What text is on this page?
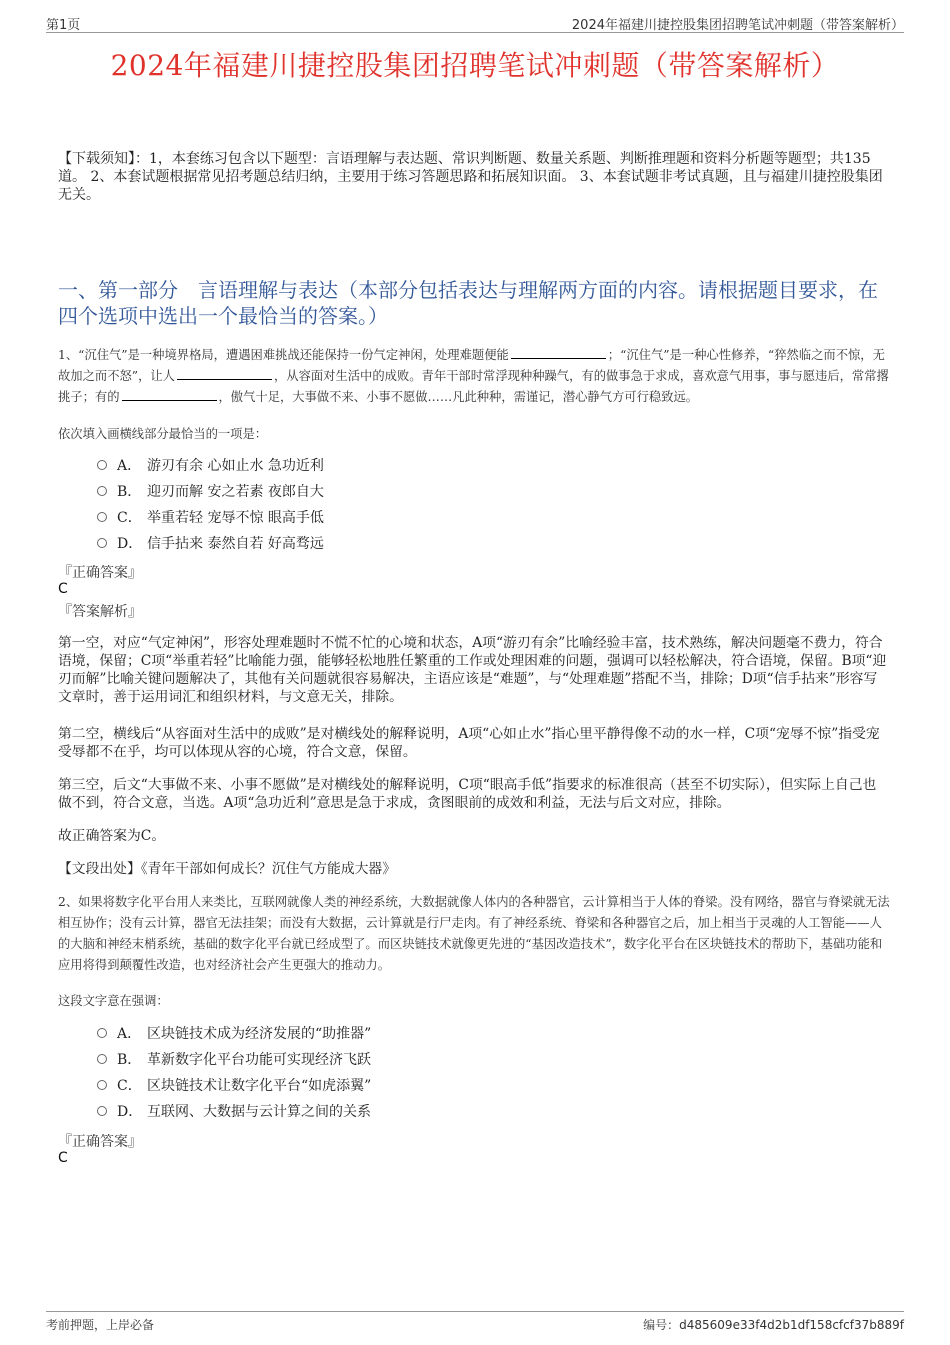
第1页	2024年福建川捷控股集团招聘笔试冲刺题（带答案解析）
2024年福建川捷控股集团招聘笔试冲刺题（带答案解析）
【下载须知】：1，本套练习包含以下题型：言语理解与表达题、常识判断题、数量关系题、判断推理题和资料分析题等题型；共135道。 2、本套试题根据常见招考题总结归纳，主要用于练习答题思路和拓展知识面。 3、本套试题非考试真题，且与福建川捷控股集团无关。
一、第一部分　言语理解与表达（本部分包括表达与理解两方面的内容。请根据题目要求，在四个选项中选出一个最恰当的答案。）
1、“沉住气”是一种境界格局，遭遇困难挑战还能保持一份气定神闲，处理难题便能	；“沉住气”是一种心性修养，“猝然临之而不惊，无故加之而不怒”，让人	，从容面对生活中的成败。青年干部时常浮现种种躁气，有的做事急于求成，喜欢意气用事，事与愿违后，常常撂挑子；有的	，傲气十足，大事做不来、小事不愿做……凡此种种，需谨记，潜心静气方可行稳致远。
依次填入画横线部分最恰当的一项是：
A． 游刃有余 心如止水 急功近利
B． 迎刃而解 安之若素 夜郎自大
C． 举重若轻 宠辱不惊 眼高手低
D． 信手拈来 泰然自若 好高骛远
『正确答案』
C
『答案解析』
第一空，对应“气定神闲”，形容处理难题时不慌不忙的心境和状态，A项“游刃有余”比喻经验丰富，技术熟练，解决问题毫不费力，符合语境，保留；C项“举重若轻”比喻能力强，能够轻松地胜任繁重的工作或处理困难的问题，强调可以轻松解决，符合语境，保留。B项“迎刃而解”比喻关键问题解决了，其他有关问题就很容易解决，主语应该是“难题”，与“处理难题”搭配不当，排除；D项“信手拈来”形容写文章时，善于运用词汇和组织材料，与文意无关，排除。
第二空，横线后“从容面对生活中的成败”是对横线处的解释说明，A项“心如止水”指心里平静得像不动的水一样，C项“宠辱不惊”指受宠受辱都不在乎，均可以体现从容的心境，符合文意，保留。
第三空，后文“大事做不来、小事不愿做”是对横线处的解释说明，C项“眼高手低”指要求的标准很高（甚至不切实际），但实际上自己也做不到，符合文意，当选。A项“急功近利”意思是急于求成，贪图眼前的成效和利益，无法与后文对应，排除。
故正确答案为C。
【文段出处】《青年干部如何成长？沉住气方能成大器》
2、如果将数字化平台用人来类比，互联网就像人类的神经系统，大数据就像人体内的各种器官，云计算相当于人体的脊梁。没有网络，器官与脊梁就无法相互协作；没有云计算，器官无法挂架；而没有大数据，云计算就是行尸走肉。有了神经系统、脊梁和各种器官之后，加上相当于灵魂的人工智能——人的大脑和神经末梢系统，基础的数字化平台就已经成型了。而区块链技术就像更先进的“基因改造技术”，数字化平台在区块链技术的帮助下，基础功能和应用将得到颠覆性改造，也对经济社会产生更强大的推动力。
这段文字意在强调：
A． 区块链技术成为经济发展的“助推器”
B． 革新数字化平台功能可实现经济飞跃
C． 区块链技术让数字化平台“如虎添翼”
D． 互联网、大数据与云计算之间的关系
『正确答案』
C
考前押题，上岸必备	编号：d485609e33f4d2b1df158cfcf37b889f
